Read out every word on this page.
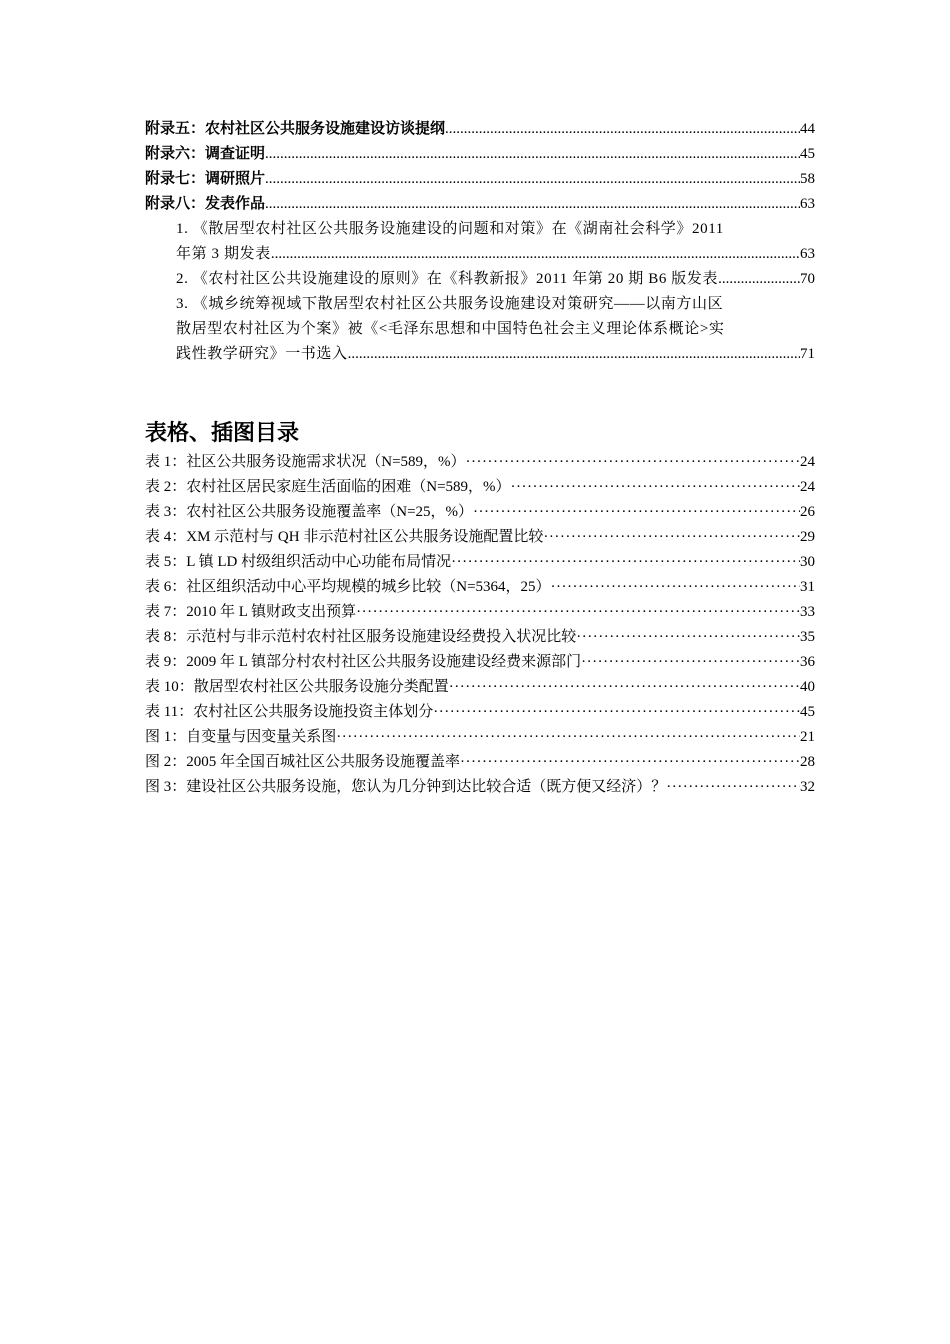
附录五：农村社区公共服务设施建设访谈提纲 .....	44
附录六：调查证明 .....	45
附录七：调研照片 .....	58
附录八：发表作品 .....	63
1. 《散居型农村社区公共服务设施建设的问题和对策》在《湖南社会科学》2011
年第 3 期发表 .....	63
2. 《农村社区公共设施建设的原则》在《科教新报》2011 年第 20 期 B6 版发表 .....	70
3. 《城乡统筹视域下散居型农村社区公共服务设施建设对策研究——以南方山区
散居型农村社区为个案》被《<毛泽东思想和中国特色社会主义理论体系概论>实
践性教学研究》一书选入 .....	71
表格、插图目录
表 1：社区公共服务设施需求状况（N=589，%） ·····	24
表 2：农村社区居民家庭生活面临的困难（N=589，%） ·····	24
表 3：农村社区公共服务设施覆盖率（N=25，%） ·····	26
表 4：XM 示范村与 QH 非示范村社区公共服务设施配置比较 ·····	29
表 5：L 镇 LD 村级组织活动中心功能布局情况 ·····	30
表 6：社区组织活动中心平均规模的城乡比较（N=5364，25） ·····	31
表 7：2010 年 L 镇财政支出预算 ·····	33
表 8：示范村与非示范村农村社区服务设施建设经费投入状况比较 ·····	35
表 9：2009 年 L 镇部分村农村社区公共服务设施建设经费来源部门 ·····	36
表 10：散居型农村社区公共服务设施分类配置 ·····	40
表 11：农村社区公共服务设施投资主体划分 ·····	45
图 1：自变量与因变量关系图 ·····	21
图 2：2005 年全国百城社区公共服务设施覆盖率 ·····	28
图 3：建设社区公共服务设施，您认为几分钟到达比较合适（既方便又经济）？ ·····	32
